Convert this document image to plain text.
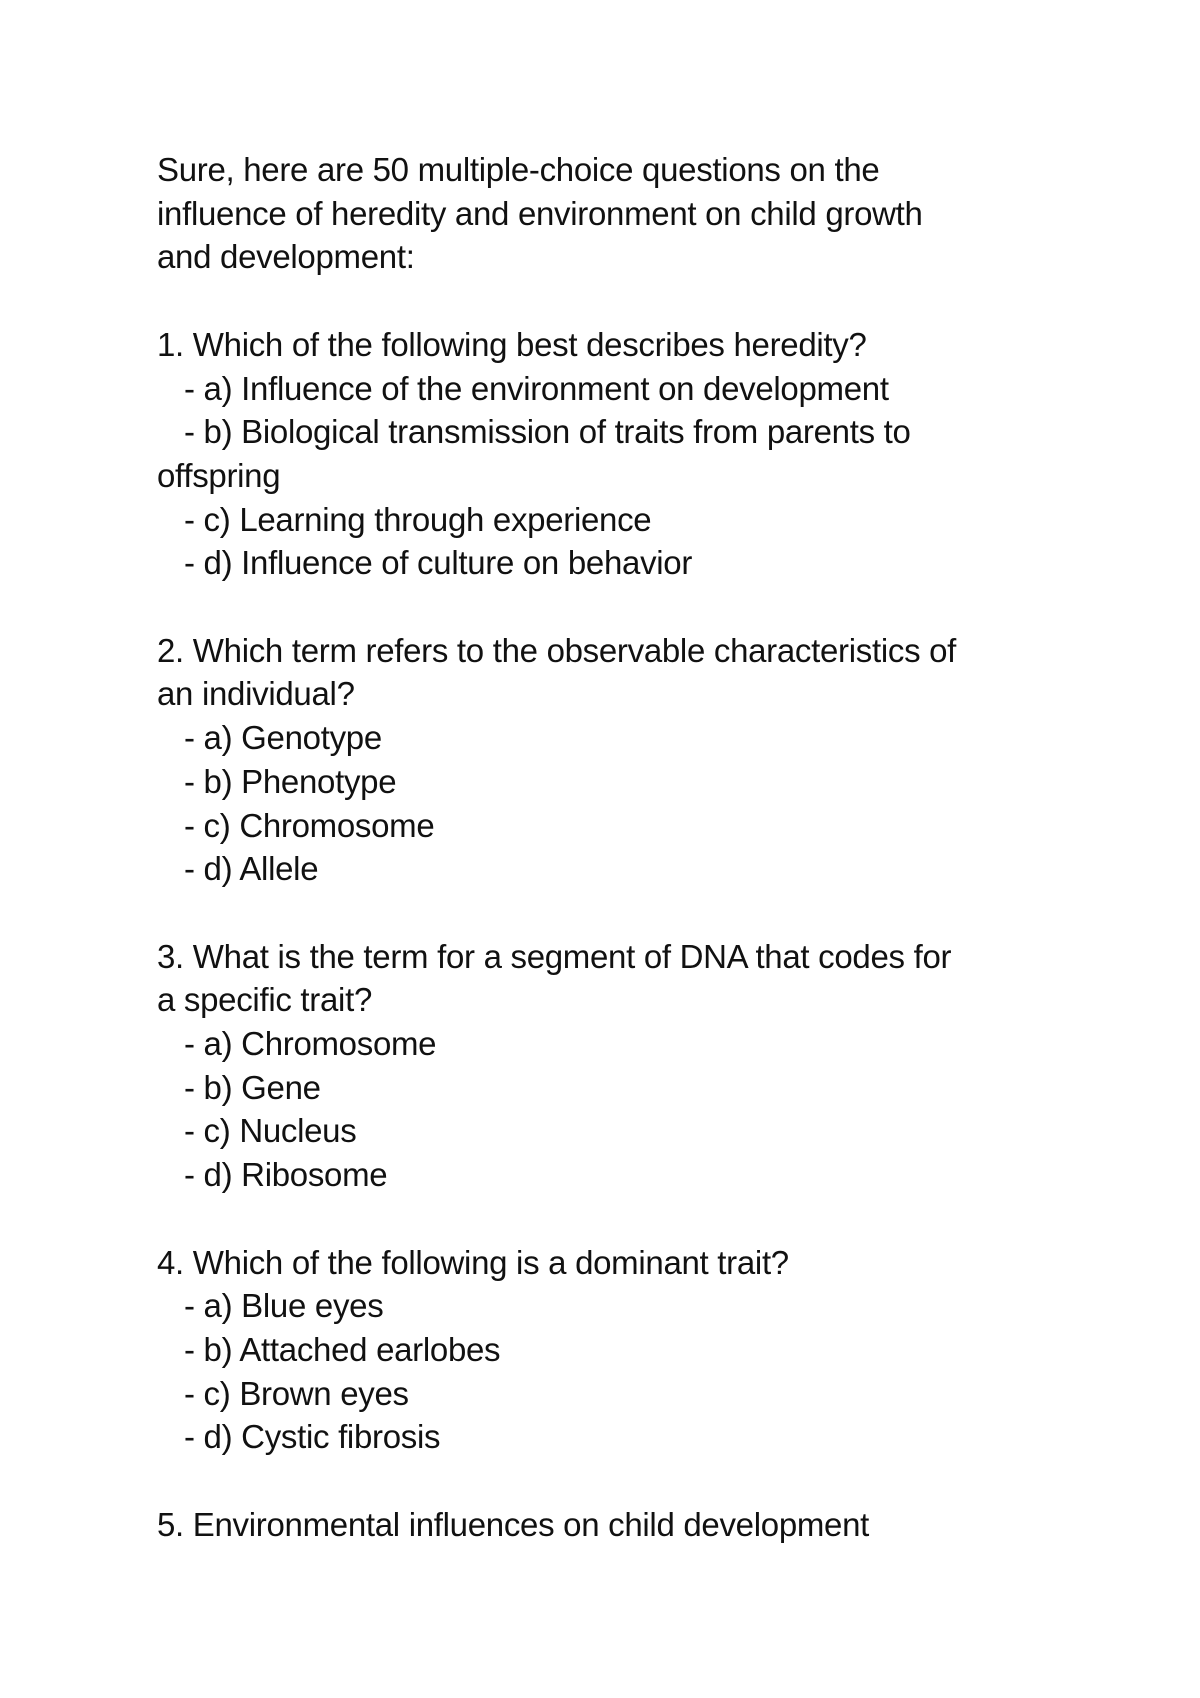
Sure, here are 50 multiple-choice questions on the
influence of heredity and environment on child growth
and development:
1. Which of the following best describes heredity?
- a) Influence of the environment on development
- b) Biological transmission of traits from parents to
offspring
- c) Learning through experience
- d) Influence of culture on behavior
2. Which term refers to the observable characteristics of
an individual?
- a) Genotype
- b) Phenotype
- c) Chromosome
- d) Allele
3. What is the term for a segment of DNA that codes for
a specific trait?
- a) Chromosome
- b) Gene
- c) Nucleus
- d) Ribosome
4. Which of the following is a dominant trait?
- a) Blue eyes
- b) Attached earlobes
- c) Brown eyes
- d) Cystic fibrosis
5. Environmental influences on child development
